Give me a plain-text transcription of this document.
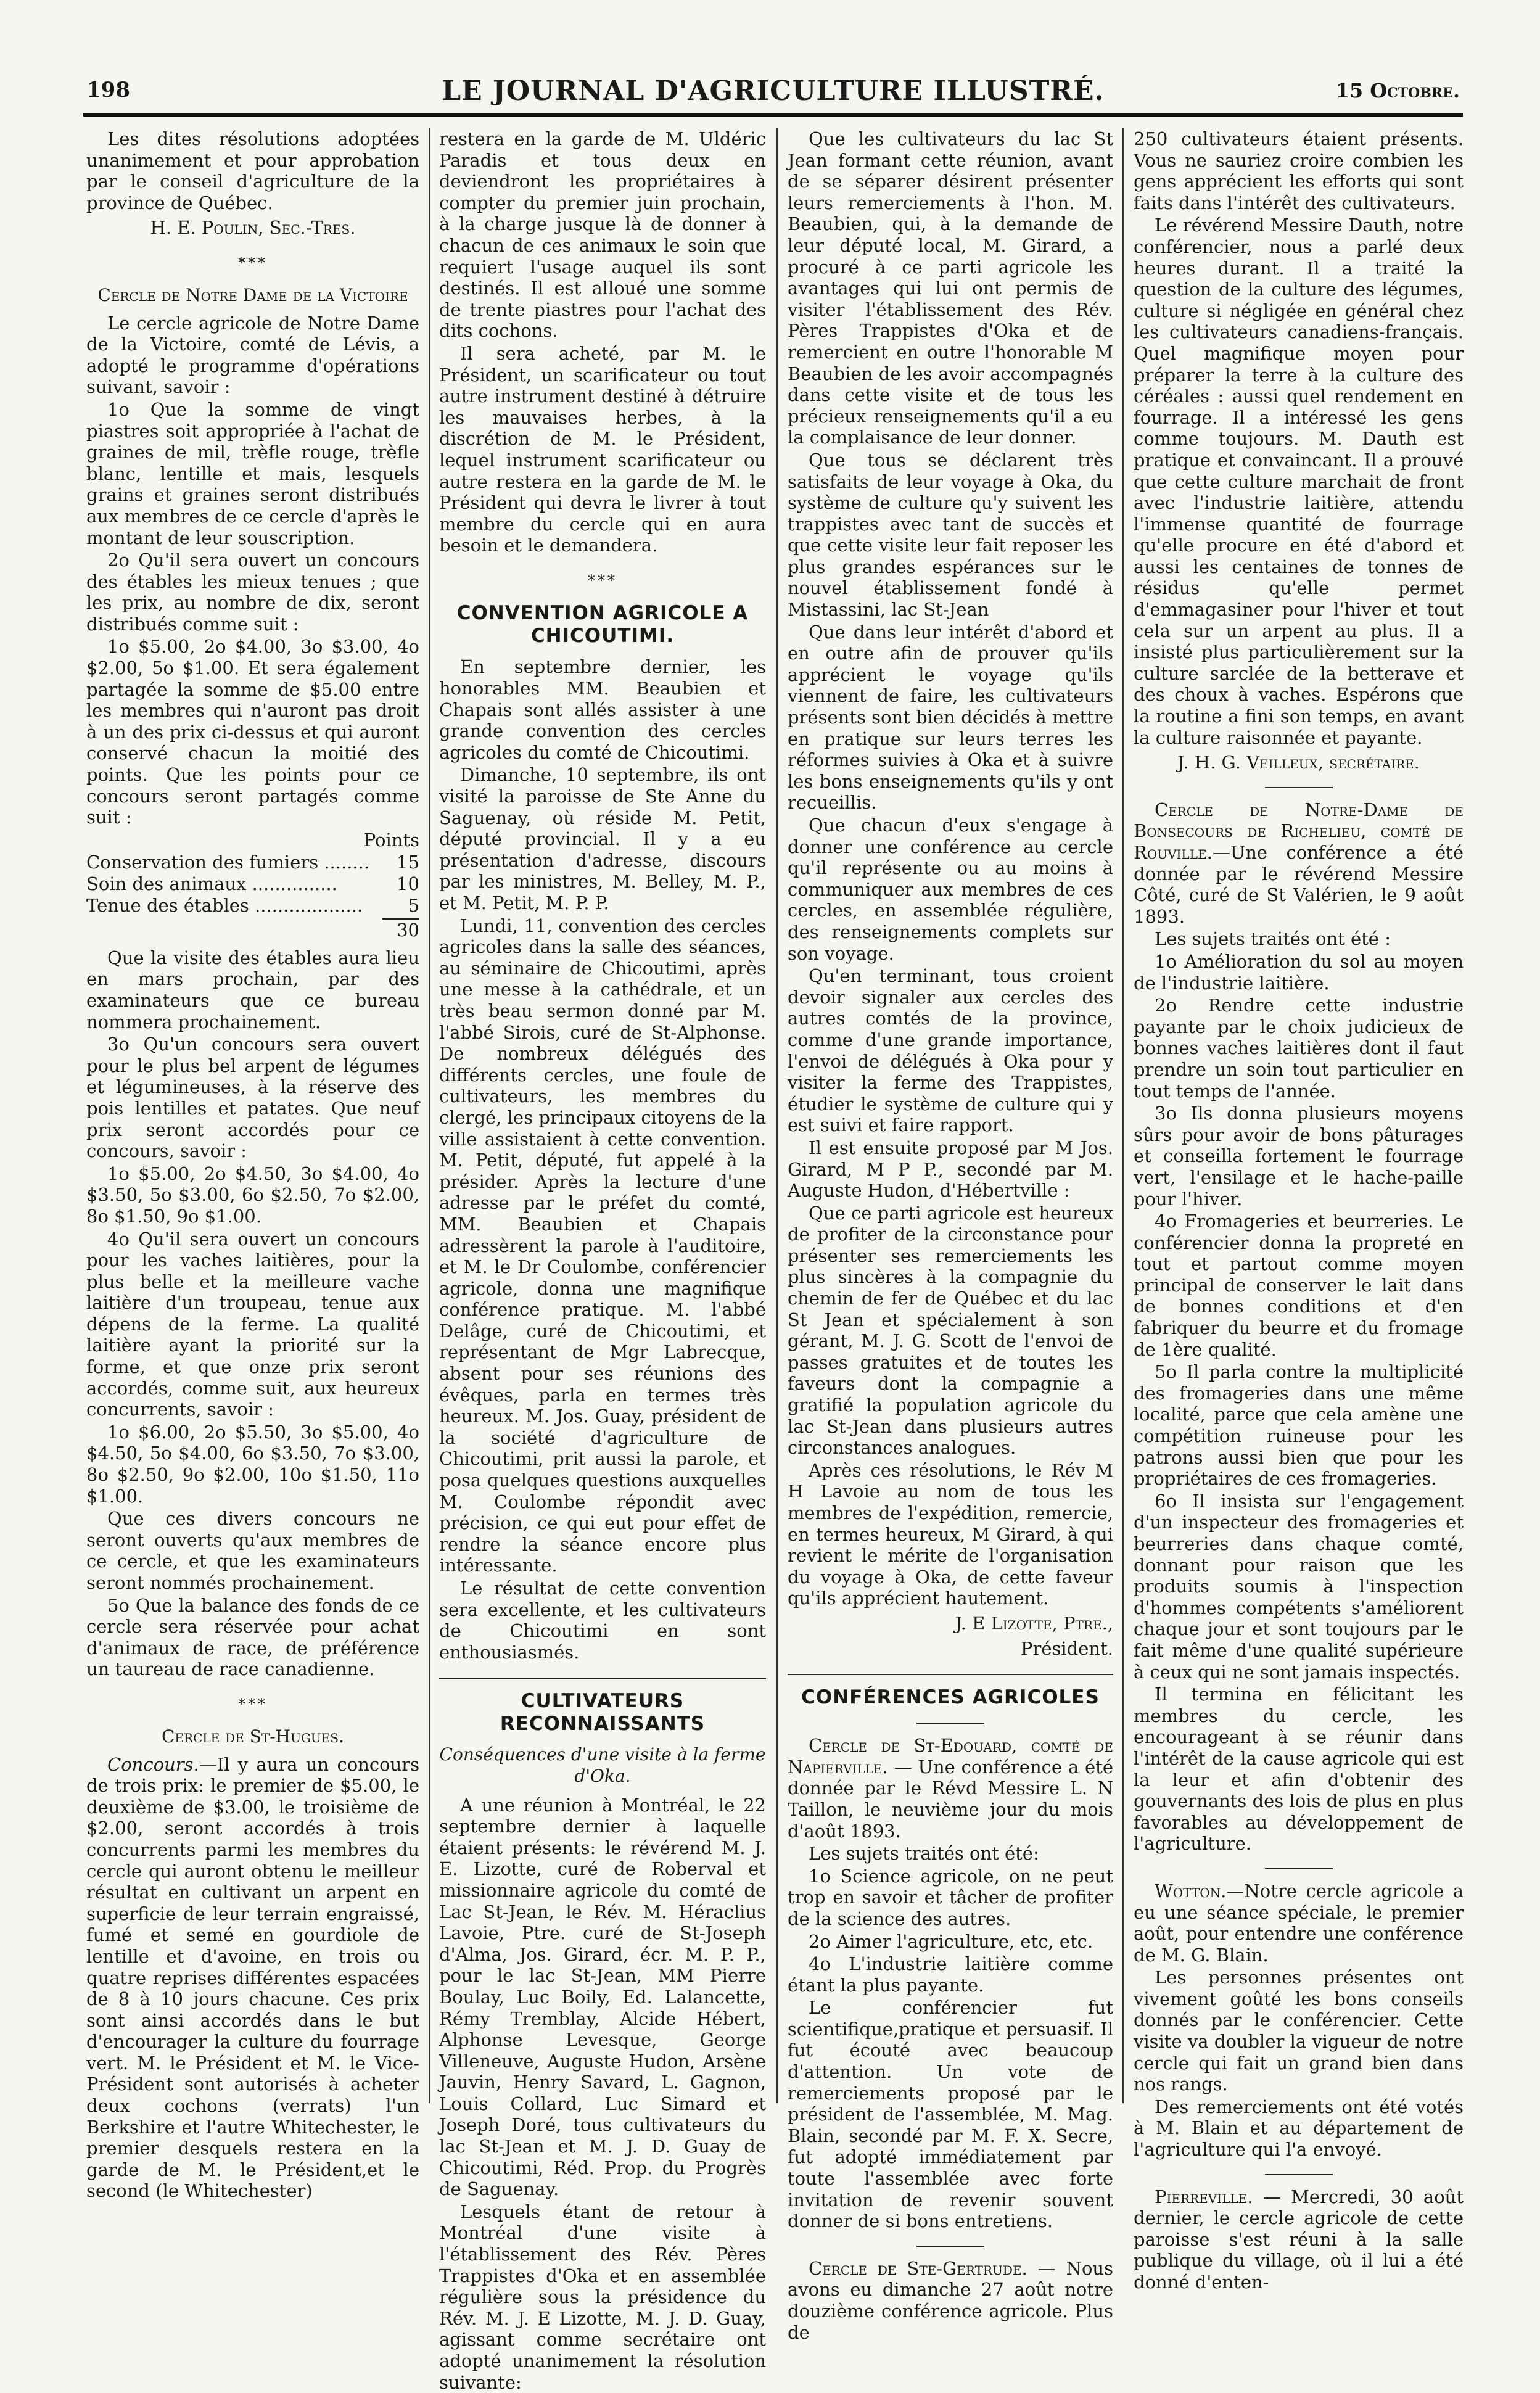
198	LE JOURNAL D'AGRICULTURE ILLUSTRÉ.	15 Octobre.

Les dites résolutions adoptées unanimement et pour approbation par le conseil d'agriculture de la province de Québec.

H. E. Poulin, Sec.-Tres.

***
Cercle de Notre Dame de la Victoire

Le cercle agricole de Notre Dame de la Victoire, comté de Lévis, a adopté le programme d'opérations suivant, savoir :

1o Que la somme de vingt piastres soit appropriée à l'achat de graines de mil, trèfle rouge, trèfle blanc, lentille et mais, lesquels grains et graines seront distribués aux membres de ce cercle d'après le montant de leur souscription.

2o Qu'il sera ouvert un concours des étables les mieux tenues ; que les prix, au nombre de dix, seront distribués comme suit :

1o $5.00, 2o $4.00, 3o $3.00, 4o $2.00, 5o $1.00. Et sera également partagée la somme de $5.00 entre les membres qui n'auront pas droit à un des prix ci-dessus et qui auront conservé chacun la moitié des points. Que les points pour ce concours seront partagés comme suit :

Points

Conservation des fumiers ........	15
Soin des animaux ...............	10
Tenue des étables ...................	5

30

Que la visite des étables aura lieu en mars prochain, par des examinateurs que ce bureau nommera prochainement.

3o Qu'un concours sera ouvert pour le plus bel arpent de légumes et légumineuses, à la réserve des pois lentilles et patates. Que neuf prix seront accordés pour ce concours, savoir :

1o $5.00, 2o $4.50, 3o $4.00, 4o $3.50, 5o $3.00, 6o $2.50, 7o $2.00, 8o $1.50, 9o $1.00.

4o Qu'il sera ouvert un concours pour les vaches laitières, pour la plus belle et la meilleure vache laitière d'un troupeau, tenue aux dépens de la ferme. La qualité laitière ayant la priorité sur la forme, et que onze prix seront accordés, comme suit, aux heureux concurrents, savoir :

1o $6.00, 2o $5.50, 3o $5.00, 4o $4.50, 5o $4.00, 6o $3.50, 7o $3.00, 8o $2.50, 9o $2.00, 10o $1.50, 11o $1.00.

Que ces divers concours ne seront ouverts qu'aux membres de ce cercle, et que les examinateurs seront nommés prochainement.

5o Que la balance des fonds de ce cercle sera réservée pour achat d'animaux de race, de préférence un taureau de race canadienne.

***
Cercle de St-Hugues.

Concours.—Il y aura un concours de trois prix: le premier de $5.00, le deuxième de $3.00, le troisième de $2.00, seront accordés à trois concurrents parmi les membres du cercle qui auront obtenu le meilleur résultat en cultivant un arpent en superficie de leur terrain engraissé, fumé et semé en gourdiole de lentille et d'avoine, en trois ou quatre reprises différentes espacées de 8 à 10 jours chacune. Ces prix sont ainsi accordés dans le but d'encourager la culture du fourrage vert. M. le Président et M. le Vice-Président sont autorisés à acheter deux cochons (verrats) l'un Berkshire et l'autre Whitechester, le premier desquels restera en la garde de M. le Président,et le second (le Whitechester)

restera en la garde de M. Uldéric Paradis et tous deux en deviendront les propriétaires à compter du premier juin prochain, à la charge jusque là de donner à chacun de ces animaux le soin que requiert l'usage auquel ils sont destinés. Il est alloué une somme de trente piastres pour l'achat des dits cochons.

Il sera acheté, par M. le Président, un scarificateur ou tout autre instrument destiné à détruire les mauvaises herbes, à la discrétion de M. le Président, lequel instrument scarificateur ou autre restera en la garde de M. le Président qui devra le livrer à tout membre du cercle qui en aura besoin et le demandera.

***
CONVENTION AGRICOLE A CHICOUTIMI.

En septembre dernier, les honorables MM. Beaubien et Chapais sont allés assister à une grande convention des cercles agricoles du comté de Chicoutimi.

Dimanche, 10 septembre, ils ont visité la paroisse de Ste Anne du Saguenay, où réside M. Petit, député provincial. Il y a eu présentation d'adresse, discours par les ministres, M. Belley, M. P., et M. Petit, M. P. P.

Lundi, 11, convention des cercles agricoles dans la salle des séances, au séminaire de Chicoutimi, après une messe à la cathédrale, et un très beau sermon donné par M. l'abbé Sirois, curé de St-Alphonse. De nombreux délégués des différents cercles, une foule de cultivateurs, les membres du clergé, les principaux citoyens de la ville assistaient à cette convention. M. Petit, député, fut appelé à la présider. Après la lecture d'une adresse par le préfet du comté, MM. Beaubien et Chapais adressèrent la parole à l'auditoire, et M. le Dr Coulombe, conférencier agricole, donna une magnifique conférence pratique. M. l'abbé Delâge, curé de Chicoutimi, et représentant de Mgr Labrecque, absent pour ses réunions des évêques, parla en termes très heureux. M. Jos. Guay, président de la société d'agriculture de Chicoutimi, prit aussi la parole, et posa quelques questions auxquelles M. Coulombe répondit avec précision, ce qui eut pour effet de rendre la séance encore plus intéressante.

Le résultat de cette convention sera excellente, et les cultivateurs de Chicoutimi en sont enthousiasmés.

CULTIVATEURS RECONNAISSANTS
Conséquences d'une visite à la ferme d'Oka.

A une réunion à Montréal, le 22 septembre dernier à laquelle étaient présents: le révérend M. J. E. Lizotte, curé de Roberval et missionnaire agricole du comté de Lac St-Jean, le Rév. M. Héraclius Lavoie, Ptre. curé de St-Joseph d'Alma, Jos. Girard, écr. M. P. P., pour le lac St-Jean, MM Pierre Boulay, Luc Boily, Ed. Lalancette, Rémy Tremblay, Alcide Hébert, Alphonse Levesque, George Villeneuve, Auguste Hudon, Arsène Jauvin, Henry Savard, L. Gagnon, Louis Collard, Luc Simard et Joseph Doré, tous cultivateurs du lac St-Jean et M. J. D. Guay de Chicoutimi, Réd. Prop. du Progrès de Saguenay.

Lesquels étant de retour à Montréal d'une visite à l'établissement des Rév. Pères Trappistes d'Oka et en assemblée régulière sous la présidence du Rév. M. J. E Lizotte, M. J. D. Guay, agissant comme secrétaire ont adopté unanimement la résolution suivante:

Que les cultivateurs du lac St Jean formant cette réunion, avant de se séparer désirent présenter leurs remerciements à l'hon. M. Beaubien, qui, à la demande de leur député local, M. Girard, a procuré à ce parti agricole les avantages qui lui ont permis de visiter l'établissement des Rév. Pères Trappistes d'Oka et de remercient en outre l'honorable M Beaubien de les avoir accompagnés dans cette visite et de tous les précieux renseignements qu'il a eu la complaisance de leur donner.

Que tous se déclarent très satisfaits de leur voyage à Oka, du système de culture qu'y suivent les trappistes avec tant de succès et que cette visite leur fait reposer les plus grandes espérances sur le nouvel établissement fondé à Mistassini, lac St-Jean

Que dans leur intérêt d'abord et en outre afin de prouver qu'ils apprécient le voyage qu'ils viennent de faire, les cultivateurs présents sont bien décidés à mettre en pratique sur leurs terres les réformes suivies à Oka et à suivre les bons enseignements qu'ils y ont recueillis.

Que chacun d'eux s'engage à donner une conférence au cercle qu'il représente ou au moins à communiquer aux membres de ces cercles, en assemblée régulière, des renseignements complets sur son voyage.

Qu'en terminant, tous croient devoir signaler aux cercles des autres comtés de la province, comme d'une grande importance, l'envoi de délégués à Oka pour y visiter la ferme des Trappistes, étudier le système de culture qui y est suivi et faire rapport.

Il est ensuite proposé par M Jos. Girard, M P P., secondé par M. Auguste Hudon, d'Hébertville :

Que ce parti agricole est heureux de profiter de la circonstance pour présenter ses remerciements les plus sincères à la compagnie du chemin de fer de Québec et du lac St Jean et spécialement à son gérant, M. J. G. Scott de l'envoi de passes gratuites et de toutes les faveurs dont la compagnie a gratifié la population agricole du lac St-Jean dans plusieurs autres circonstances analogues.

Après ces résolutions, le Rév M H Lavoie au nom de tous les membres de l'expédition, remercie, en termes heureux, M Girard, à qui revient le mérite de l'organisation du voyage à Oka, de cette faveur qu'ils apprécient hautement.

J. E Lizotte, Ptre.,

Président.

CONFÉRENCES AGRICOLES

Cercle de St-Edouard, comté de Napierville. — Une conférence a été donnée par le Révd Messire L. N Taillon, le neuvième jour du mois d'août 1893.

Les sujets traités ont été:

1o Science agricole, on ne peut trop en savoir et tâcher de profiter de la science des autres.

2o Aimer l'agriculture, etc, etc.

4o L'industrie laitière comme étant la plus payante.

Le conférencier fut scientifique,pratique et persuasif. Il fut écouté avec beaucoup d'attention. Un vote de remerciements proposé par le président de l'assemblée, M. Mag. Blain, secondé par M. F. X. Secre, fut adopté immédiatement par toute l'assemblée avec forte invitation de revenir souvent donner de si bons entretiens.

Cercle de Ste-Gertrude. — Nous avons eu dimanche 27 août notre douzième conférence agricole. Plus de

250 cultivateurs étaient présents. Vous ne sauriez croire combien les gens apprécient les efforts qui sont faits dans l'intérêt des cultivateurs.

Le révérend Messire Dauth, notre conférencier, nous a parlé deux heures durant. Il a traité la question de la culture des légumes, culture si négligée en général chez les cultivateurs canadiens-français. Quel magnifique moyen pour préparer la terre à la culture des céréales : aussi quel rendement en fourrage. Il a intéressé les gens comme toujours. M. Dauth est pratique et convaincant. Il a prouvé que cette culture marchait de front avec l'industrie laitière, attendu l'immense quantité de fourrage qu'elle procure en été d'abord et aussi les centaines de tonnes de résidus qu'elle permet d'emmagasiner pour l'hiver et tout cela sur un arpent au plus. Il a insisté plus particulièrement sur la culture sarclée de la betterave et des choux à vaches. Espérons que la routine a fini son temps, en avant la culture raisonnée et payante.

J. H. G. Veilleux, secrétaire.

Cercle de Notre-Dame de Bonsecours de Richelieu, comté de Rouville.—Une conférence a été donnée par le révérend Messire Côté, curé de St Valérien, le 9 août 1893.

Les sujets traités ont été :

1o Amélioration du sol au moyen de l'industrie laitière.

2o Rendre cette industrie payante par le choix judicieux de bonnes vaches laitières dont il faut prendre un soin tout particulier en tout temps de l'année.

3o Ils donna plusieurs moyens sûrs pour avoir de bons pâturages et conseilla fortement le fourrage vert, l'ensilage et le hache-paille pour l'hiver.

4o Fromageries et beurreries. Le conférencier donna la propreté en tout et partout comme moyen principal de conserver le lait dans de bonnes conditions et d'en fabriquer du beurre et du fromage de 1ère qualité.

5o Il parla contre la multiplicité des fromageries dans une même localité, parce que cela amène une compétition ruineuse pour les patrons aussi bien que pour les propriétaires de ces fromageries.

6o Il insista sur l'engagement d'un inspecteur des fromageries et beurreries dans chaque comté, donnant pour raison que les produits soumis à l'inspection d'hommes compétents s'améliorent chaque jour et sont toujours par le fait même d'une qualité supérieure à ceux qui ne sont jamais inspectés.

Il termina en félicitant les membres du cercle, les encourageant à se réunir dans l'intérêt de la cause agricole qui est la leur et afin d'obtenir des gouvernants des lois de plus en plus favorables au développement de l'agriculture.

Wotton.—Notre cercle agricole a eu une séance spéciale, le premier août, pour entendre une conférence de M. G. Blain.

Les personnes présentes ont vivement goûté les bons conseils donnés par le conférencier. Cette visite va doubler la vigueur de notre cercle qui fait un grand bien dans nos rangs.

Des remerciements ont été votés à M. Blain et au département de l'agriculture qui l'a envoyé.

Pierreville. — Mercredi, 30 août dernier, le cercle agricole de cette paroisse s'est réuni à la salle publique du village, où il lui a été donné d'enten-
